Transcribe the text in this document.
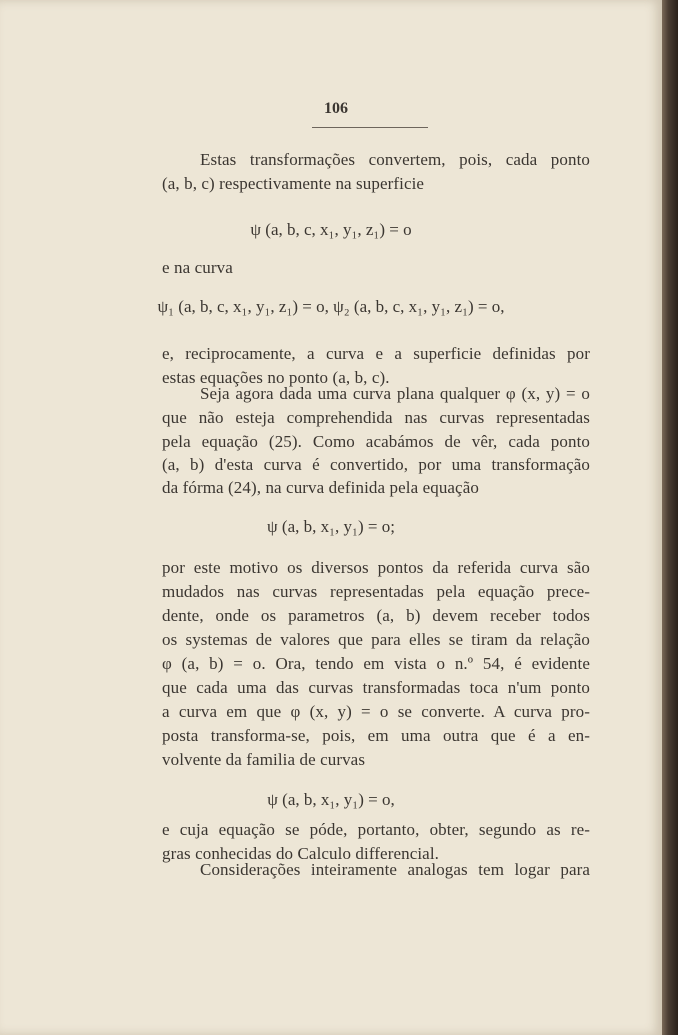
106
Estas transformações convertem, pois, cada ponto
(a, b, c) respectivamente na superficie
ψ (a, b, c, x₁, y₁, z₁) = o
e na curva
ψ₁ (a, b, c, x₁, y₁, z₁) = o, ψ₂ (a, b, c, x₁, y₁, z₁) = o,
e, reciprocamente, a curva e a superficie definidas por
estas equações no ponto (a, b, c).
Seja agora dada uma curva plana qualquer φ (x, y) = o
que não esteja comprehendida nas curvas representadas
pela equação (25). Como acabámos de vêr, cada ponto
(a, b) d'esta curva é convertido, por uma transformação
da fórma (24), na curva definida pela equação
ψ (a, b, x₁, y₁) = o;
por este motivo os diversos pontos da referida curva são
mudados nas curvas representadas pela equação prece-
dente, onde os parametros (a, b) devem receber todos
os systemas de valores que para elles se tiram da relação
φ (a, b) = o. Ora, tendo em vista o n.º 54, é evidente
que cada uma das curvas transformadas toca n'um ponto
a curva em que φ (x, y) = o se converte. A curva pro-
posta transforma-se, pois, em uma outra que é a en-
volvente da familia de curvas
ψ (a, b, x₁, y₁) = o,
e cuja equação se póde, portanto, obter, segundo as re-
gras conhecidas do Calculo differencial.
Considerações inteiramente analogas tem logar para
